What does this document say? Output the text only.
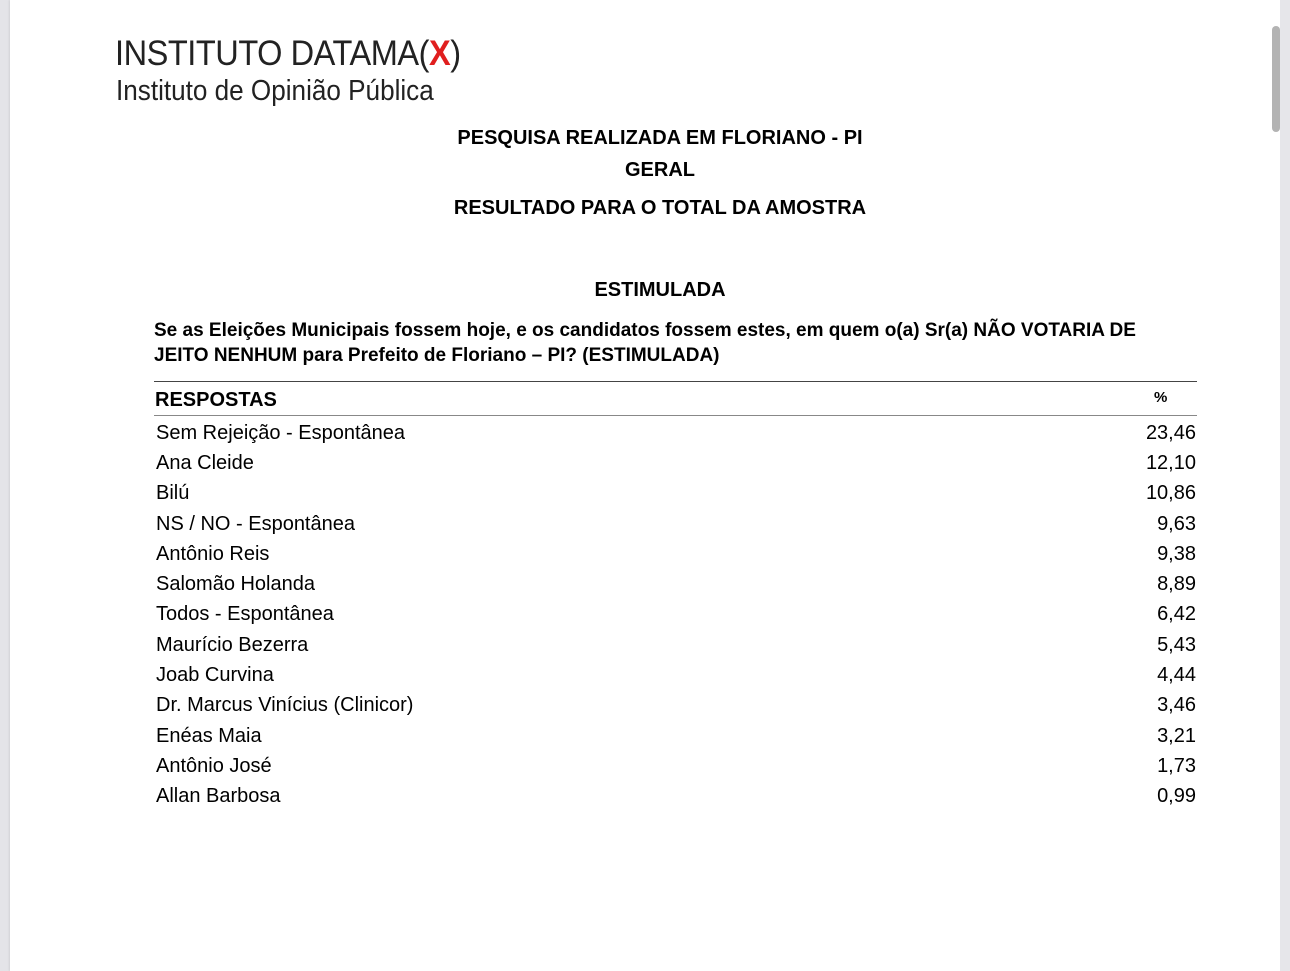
INSTITUTO DATAMA(X)
Instituto de Opinião Pública
PESQUISA REALIZADA EM FLORIANO - PI
GERAL
RESULTADO PARA O TOTAL DA AMOSTRA
ESTIMULADA
Se as Eleições Municipais fossem hoje, e os candidatos fossem estes, em quem o(a) Sr(a) NÃO VOTARIA DE JEITO NENHUM para Prefeito de Floriano – PI? (ESTIMULADA)
RESPOSTAS	%
Sem Rejeição - Espontânea	23,46
Ana Cleide	12,10
Bilú	10,86
NS / NO - Espontânea	9,63
Antônio Reis	9,38
Salomão Holanda	8,89
Todos - Espontânea	6,42
Maurício Bezerra	5,43
Joab Curvina	4,44
Dr. Marcus Vinícius (Clinicor)	3,46
Enéas Maia	3,21
Antônio José	1,73
Allan Barbosa	0,99
